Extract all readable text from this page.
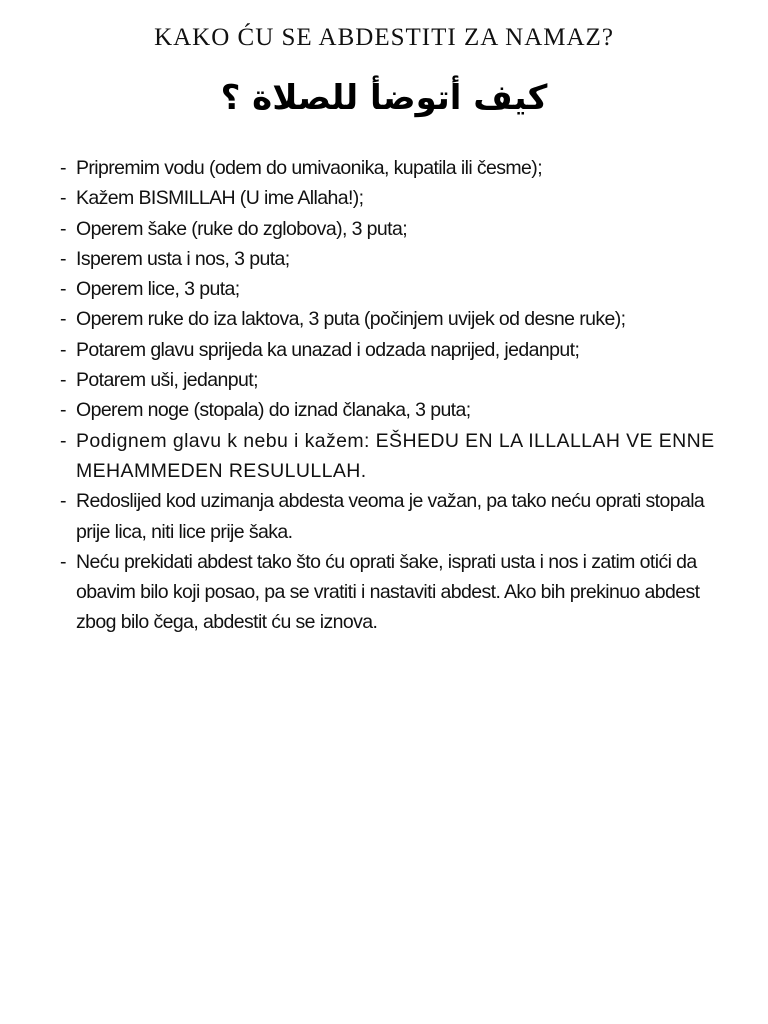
KAKO ĆU SE ABDESTITI ZA NAMAZ?
كيف أتوضأ للصلاة ؟
- Pripremim vodu (odem do umivaonika, kupatila ili česme);
- Kažem BISMILLAH (U ime Allaha!);
- Operem šake (ruke do zglobova), 3 puta;
- Isperem usta i nos, 3 puta;
- Operem lice, 3 puta;
- Operem ruke do iza laktova, 3 puta (počinjem uvijek od desne ruke);
- Potarem glavu sprijeda ka unazad i odzada naprijed, jedanput;
- Potarem uši, jedanput;
- Operem noge (stopala) do iznad članaka, 3 puta;
- Podignem glavu k nebu i kažem: EŠHEDU EN LA ILLALLAH VE ENNE MEHAMMEDEN RESULULLAH.
- Redoslijed kod uzimanja abdesta veoma je važan, pa tako neću oprati stopala prije lica, niti lice prije šaka.
- Neću prekidati abdest tako što ću oprati šake, isprati usta i nos i zatim otići da obavim bilo koji posao, pa se vratiti i nastaviti abdest. Ako bih prekinuo abdest zbog bilo čega, abdestit ću se iznova.
